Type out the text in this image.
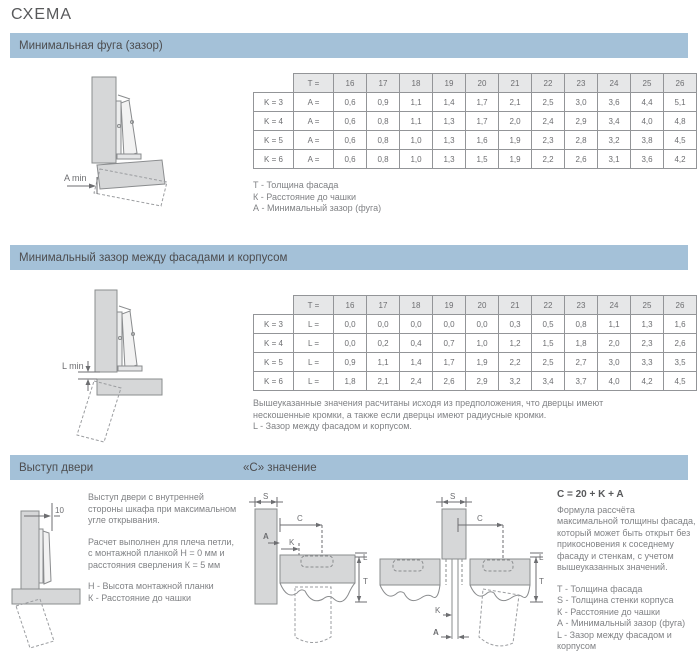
СХЕМА
Минимальная фуга (зазор)
A min
	T =	16	17	18	19	20	21	22	23	24	25	26
K = 3	A =	0,6	0,9	1,1	1,4	1,7	2,1	2,5	3,0	3,6	4,4	5,1
K = 4	A =	0,6	0,8	1,1	1,3	1,7	2,0	2,4	2,9	3,4	4,0	4,8
K = 5	A =	0,6	0,8	1,0	1,3	1,6	1,9	2,3	2,8	3,2	3,8	4,5
K = 6	A =	0,6	0,8	1,0	1,3	1,5	1,9	2,2	2,6	3,1	3,6	4,2
Т - Толщина фасада
К - Расстояние до чашки
А - Минимальный зазор (фуга)
Минимальный зазор между фасадами и корпусом
L min
	T =	16	17	18	19	20	21	22	23	24	25	26
K = 3	L =	0,0	0,0	0,0	0,0	0,0	0,3	0,5	0,8	1,1	1,3	1,6
K = 4	L =	0,0	0,2	0,4	0,7	1,0	1,2	1,5	1,8	2,0	2,3	2,6
K = 5	L =	0,9	1,1	1,4	1,7	1,9	2,2	2,5	2,7	3,0	3,3	3,5
K = 6	L =	1,8	2,1	2,4	2,6	2,9	3,2	3,4	3,7	4,0	4,2	4,5
Вышеуказанные значения расчитаны исходя из предположения, что дверцы имеют
нескошенные кромки, а также если дверцы имеют радиусные кромки.
L - Зазор между фасадом и корпусом.
Выступ двери	«С» значение
10
Выступ двери с внутренней стороны шкафа при максимальном угле открывания.
Расчет выполнен для плеча петли, с монтажной планкой Н = 0 мм и расстояния сверления К = 5 мм
Н - Высота монтажной планки
К - Расстояние до чашки
S
C
A
K
L
T
S
C
L
T
K
A
C = 20 + K + A
Формула рассчёта максимальной толщины фасада, который может быть открыт без прикосновения к соседнему фасаду и стенкам, с учетом вышеуказанных значений.
Т - Толщина фасада
S - Толщина стенки корпуса
К - Расстояние до чашки
А - Минимальный зазор (фуга)
L - Зазор между фасадом и корпусом
